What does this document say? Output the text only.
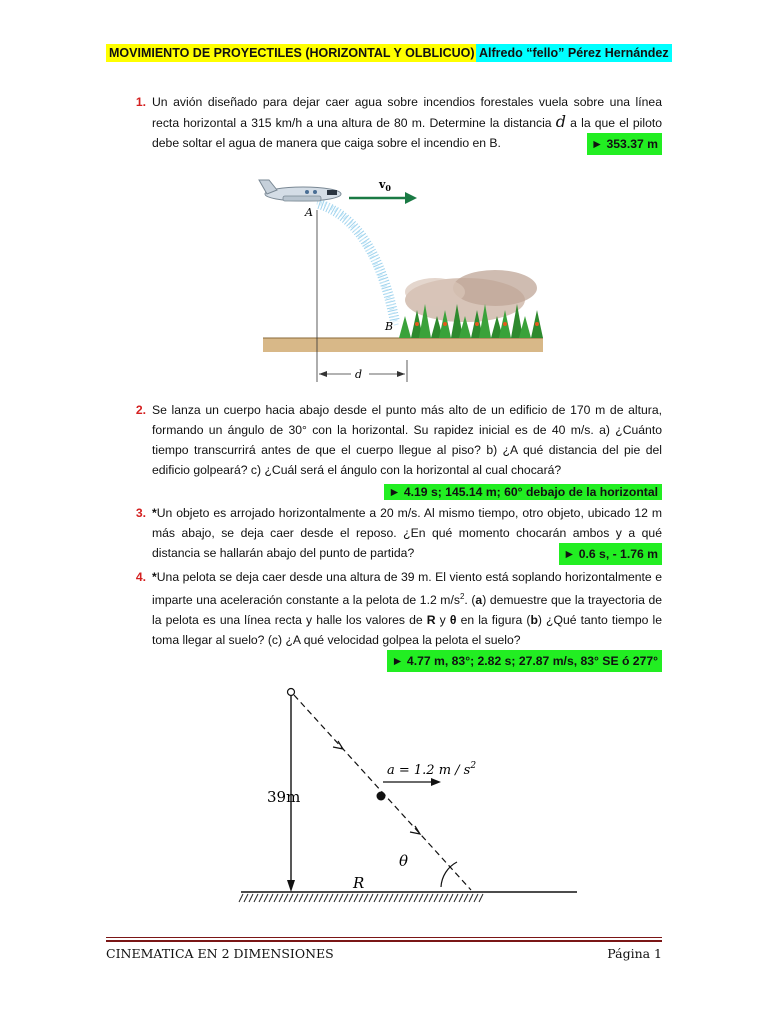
MOVIMIENTO DE PROYECTILES (HORIZONTAL Y OLBLICUO) Alfredo “fello” Pérez Hernández
1. Un avión diseñado para dejar caer agua sobre incendios forestales vuela sobre una línea recta horizontal a 315 km/h a una altura de 80 m. Determine la distancia d a la que el piloto debe soltar el agua de manera que caiga sobre el incendio en B.	► 353.37 m
$v_0$
A
B
d
2. Se lanza un cuerpo hacia abajo desde el punto más alto de un edificio de 170 m de altura, formando un ángulo de 30° con la horizontal. Su rapidez inicial es de 40 m/s. a) ¿Cuánto tiempo transcurrirá antes de que el cuerpo llegue al piso? b) ¿A qué distancia del pie del edificio golpeará? c) ¿Cuál será el ángulo con la horizontal al cual chocará?
► 4.19 s; 145.14 m; 60° debajo de la horizontal
3. *Un objeto es arrojado horizontalmente a 20 m/s. Al mismo tiempo, otro objeto, ubicado 12 m más abajo, se deja caer desde el reposo. ¿En qué momento chocarán ambos y a qué distancia se hallarán abajo del punto de partida?	► 0.6 s, - 1.76 m
4. *Una pelota se deja caer desde una altura de 39 m. El viento está soplando horizontalmente e imparte una aceleración constante a la pelota de 1.2 $m/s^2$. (a) demuestre que la trayectoria de la pelota es una línea recta y halle los valores de R y θ en la figura (b) ¿Qué tanto tiempo le toma llegar al suelo? (c) ¿A qué velocidad golpea la pelota el suelo?
► 4.77 m, 83°; 2.82 s; 27.87 m/s, 83° SE ó 277°
39m
a = 1.2 m / $s^2$
θ
R
CINEMATICA EN 2 DIMENSIONES	Página 1
